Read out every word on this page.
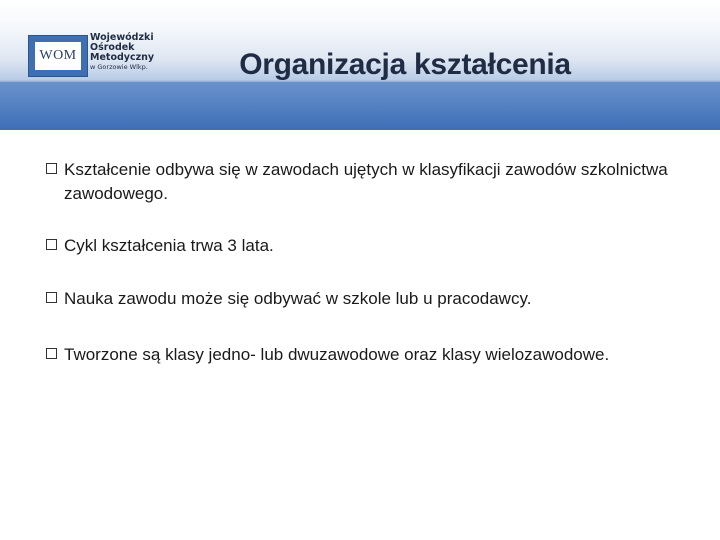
WOM
Wojewódzki
Ośrodek
Metodyczny
w Gorzowie Wlkp.	Organizacja kształcenia
Kształcenie odbywa się w zawodach ujętych w klasyfikacji zawodów szkolnictwa zawodowego.
Cykl kształcenia trwa 3 lata.
Nauka zawodu może się odbywać w szkole lub u pracodawcy.
Tworzone są klasy jedno- lub dwuzawodowe oraz klasy wielozawodowe.
